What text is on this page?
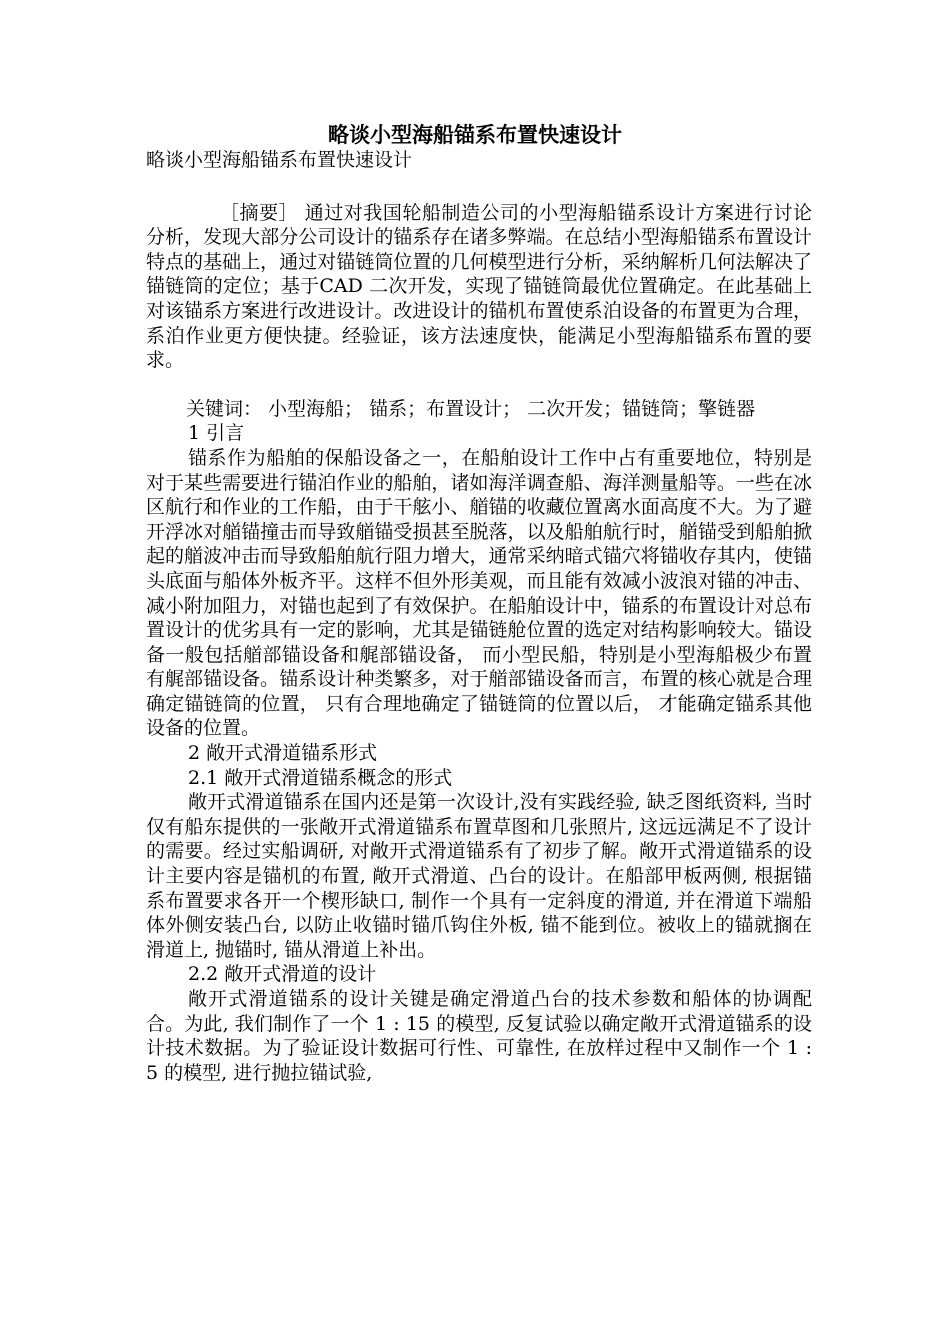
略谈小型海船锚系布置快速设计

略谈小型海船锚系布置快速设计

［摘要］ 通过对我国轮船制造公司的小型海船锚系设计方案进行讨论分析，发现大部分公司设计的锚系存在诸多弊端。在总结小型海船锚系布置设计特点的基础上，通过对锚链筒位置的几何模型进行分析，采纳解析几何法解决了锚链筒的定位；基于CAD 二次开发，实现了锚链筒最优位置确定。在此基础上对该锚系方案进行改进设计。改进设计的锚机布置使系泊设备的布置更为合理，系泊作业更方便快捷。经验证，该方法速度快，能满足小型海船锚系布置的要求。

关键词： 小型海船； 锚系；布置设计； 二次开发；锚链筒；擎链器

1 引言

锚系作为船舶的保船设备之一，在船舶设计工作中占有重要地位，特别是对于某些需要进行锚泊作业的船舶，诸如海洋调查船、海洋测量船等。一些在冰区航行和作业的工作船，由于干舷小、艏锚的收藏位置离水面高度不大。为了避开浮冰对艏锚撞击而导致艏锚受损甚至脱落，以及船舶航行时，艏锚受到船舶掀起的艏波冲击而导致船舶航行阻力增大，通常采纳暗式锚穴将锚收存其内，使锚头底面与船体外板齐平。这样不但外形美观，而且能有效减小波浪对锚的冲击、减小附加阻力，对锚也起到了有效保护。在船舶设计中，锚系的布置设计对总布置设计的优劣具有一定的影响，尤其是锚链舱位置的选定对结构影响较大。锚设备一般包括艏部锚设备和艉部锚设备， 而小型民船，特别是小型海船极少布置有艉部锚设备。锚系设计种类繁多，对于艏部锚设备而言，布置的核心就是合理确定锚链筒的位置， 只有合理地确定了锚链筒的位置以后， 才能确定锚系其他设备的位置。

2 敞开式滑道锚系形式

2.1 敞开式滑道锚系概念的形式

敞开式滑道锚系在国内还是第一次设计,没有实践经验, 缺乏图纸资料, 当时仅有船东提供的一张敞开式滑道锚系布置草图和几张照片, 这远远满足不了设计的需要。经过实船调研, 对敞开式滑道锚系有了初步了解。敞开式滑道锚系的设计主要内容是锚机的布置, 敞开式滑道、凸台的设计。在船部甲板两侧, 根据锚系布置要求各开一个楔形缺口, 制作一个具有一定斜度的滑道, 并在滑道下端船体外侧安装凸台, 以防止收锚时锚爪钩住外板, 锚不能到位。被收上的锚就搁在滑道上, 抛锚时, 锚从滑道上补出。

2.2 敞开式滑道的设计

敞开式滑道锚系的设计关键是确定滑道凸台的技术参数和船体的协调配合。为此, 我们制作了一个 1 : 15 的模型, 反复试验以确定敞开式滑道锚系的设计技术数据。为了验证设计数据可行性、可靠性, 在放样过程中又制作一个 1 : 5 的模型, 进行抛拉锚试验,
